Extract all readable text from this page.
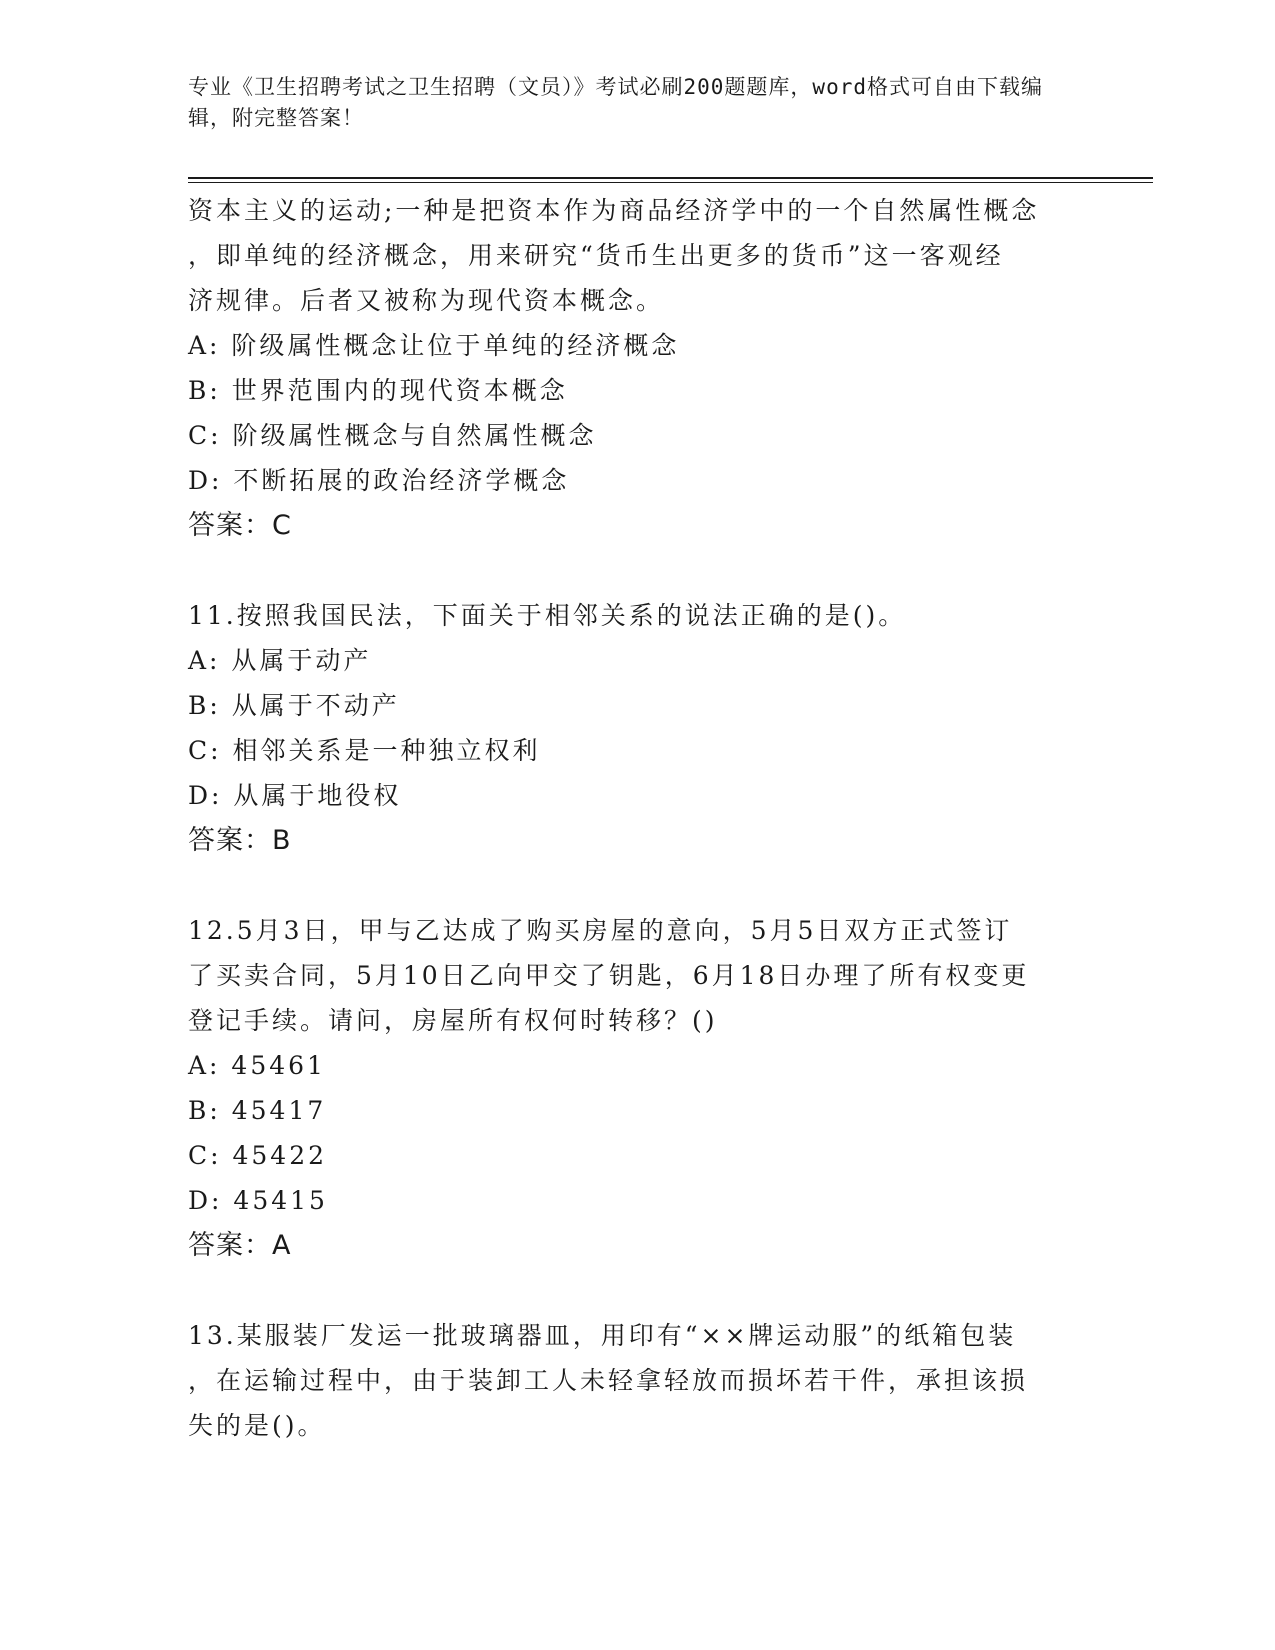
专业《卫生招聘考试之卫生招聘（文员）》考试必刷200题题库，word格式可自由下载编辑，附完整答案！

资本主义的运动;一种是把资本作为商品经济学中的一个自然属性概念

，即单纯的经济概念，用来研究“货币生出更多的货币”这一客观经

济规律。后者又被称为现代资本概念。

A: 阶级属性概念让位于单纯的经济概念

B: 世界范围内的现代资本概念

C: 阶级属性概念与自然属性概念

D: 不断拓展的政治经济学概念

答案：C

11.按照我国民法，下面关于相邻关系的说法正确的是()。

A: 从属于动产

B: 从属于不动产

C: 相邻关系是一种独立权利

D: 从属于地役权

答案：B

12.5月3日，甲与乙达成了购买房屋的意向，5月5日双方正式签订

了买卖合同，5月10日乙向甲交了钥匙，6月18日办理了所有权变更

登记手续。请问，房屋所有权何时转移？()

A: 45461

B: 45417

C: 45422

D: 45415

答案：A

13.某服装厂发运一批玻璃器皿，用印有“××牌运动服”的纸箱包装

，在运输过程中，由于装卸工人未轻拿轻放而损坏若干件，承担该损

失的是()。
